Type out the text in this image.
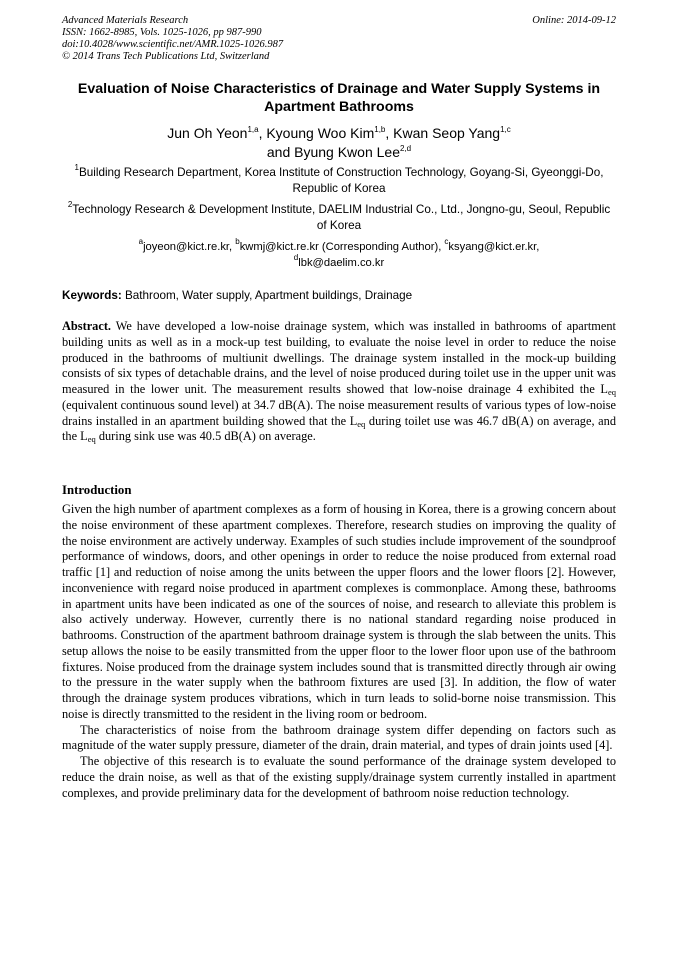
Advanced Materials Research
ISSN: 1662-8985, Vols. 1025-1026, pp 987-990
doi:10.4028/www.scientific.net/AMR.1025-1026.987
© 2014 Trans Tech Publications Ltd, Switzerland
Online: 2014-09-12
Evaluation of Noise Characteristics of Drainage and Water Supply Systems in Apartment Bathrooms
Jun Oh Yeon$^{1,a}$, Kyoung Woo Kim$^{1,b}$, Kwan Seop Yang$^{1,c}$
and Byung Kwon Lee$^{2,d}$
$^1$Building Research Department, Korea Institute of Construction Technology, Goyang-Si, Gyeonggi-Do, Republic of Korea
$^2$Technology Research & Development Institute, DAELIM Industrial Co., Ltd., Jongno-gu, Seoul, Republic of Korea
$^a$joyeon@kict.re.kr, $^b$kwmj@kict.re.kr (Corresponding Author), $^c$ksyang@kict.er.kr,
$^d$lbk@daelim.co.kr
Keywords: Bathroom, Water supply, Apartment buildings, Drainage
Abstract. We have developed a low-noise drainage system, which was installed in bathrooms of apartment building units as well as in a mock-up test building, to evaluate the noise level in order to reduce the noise produced in the bathrooms of multiunit dwellings. The drainage system installed in the mock-up building consists of six types of detachable drains, and the level of noise produced during toilet use in the upper unit was measured in the lower unit. The measurement results showed that low-noise drainage 4 exhibited the $L_{eq}$ (equivalent continuous sound level) at 34.7 dB(A). The noise measurement results of various types of low-noise drains installed in an apartment building showed that the $L_{eq}$ during toilet use was 46.7 dB(A) on average, and the $L_{eq}$ during sink use was 40.5 dB(A) on average.
Introduction

Given the high number of apartment complexes as a form of housing in Korea, there is a growing concern about the noise environment of these apartment complexes. Therefore, research studies on improving the quality of the noise environment are actively underway. Examples of such studies include improvement of the soundproof performance of windows, doors, and other openings in order to reduce the noise produced from external road traffic [1] and reduction of noise among the units between the upper floors and the lower floors [2]. However, inconvenience with regard noise produced in apartment complexes is commonplace. Among these, bathrooms in apartment units have been indicated as one of the sources of noise, and research to alleviate this problem is also actively underway. However, currently there is no national standard regarding noise produced in bathrooms. Construction of the apartment bathroom drainage system is through the slab between the units. This setup allows the noise to be easily transmitted from the upper floor to the lower floor upon use of the bathroom fixtures. Noise produced from the drainage system includes sound that is transmitted directly through air owing to the pressure in the water supply when the bathroom fixtures are used [3]. In addition, the flow of water through the drainage system produces vibrations, which in turn leads to solid-borne noise transmission. This noise is directly transmitted to the resident in the living room or bedroom.

The characteristics of noise from the bathroom drainage system differ depending on factors such as magnitude of the water supply pressure, diameter of the drain, drain material, and types of drain joints used [4].

The objective of this research is to evaluate the sound performance of the drainage system developed to reduce the drain noise, as well as that of the existing supply/drainage system currently installed in apartment complexes, and provide preliminary data for the development of bathroom noise reduction technology.
